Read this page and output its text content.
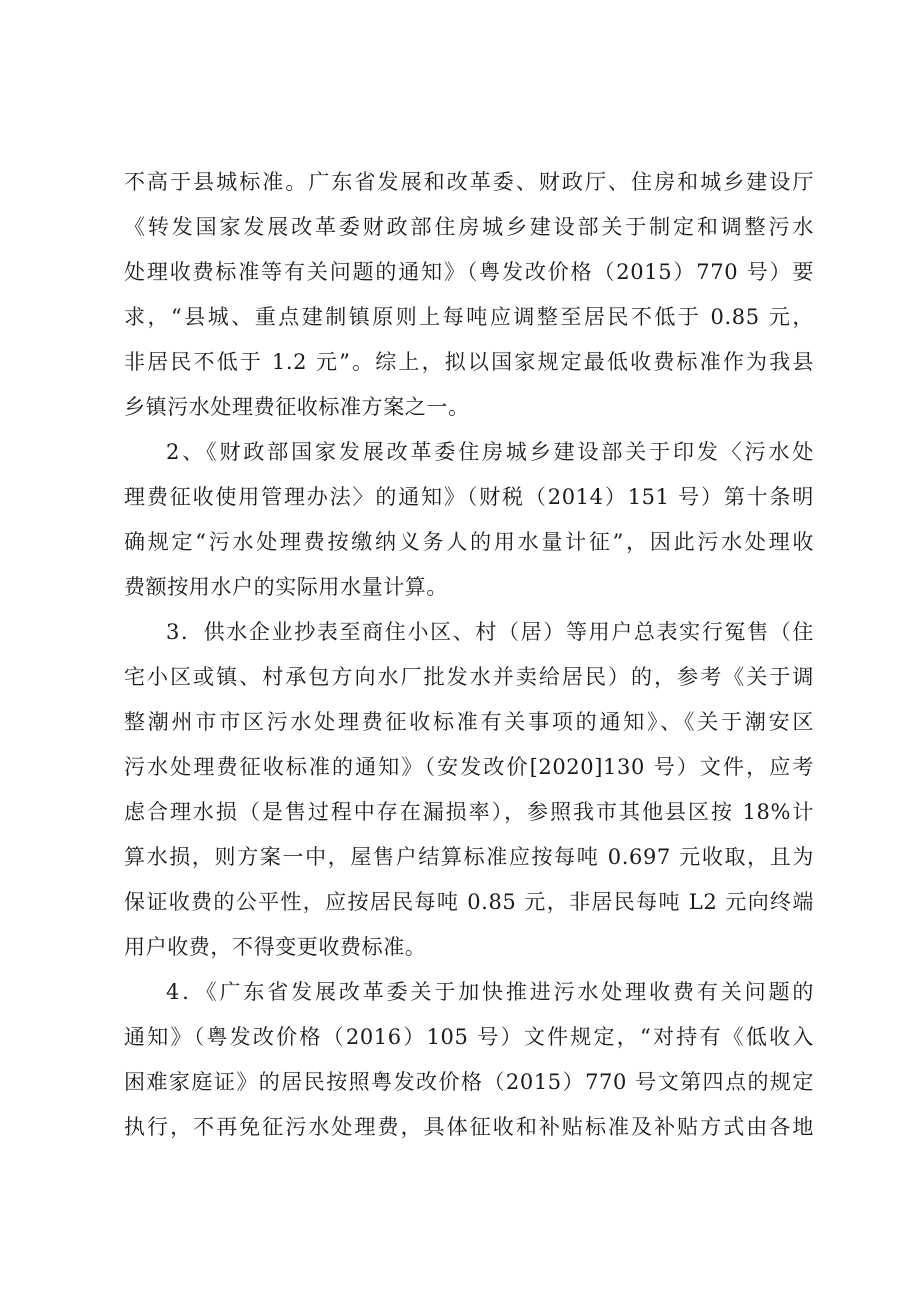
不高于县城标准。广东省发展和改革委、财政厅、住房和城乡建设厅
《转发国家发展改革委财政部住房城乡建设部关于制定和调整污水
处理收费标准等有关问题的通知》（粤发改价格（2015）770 号）要
求，“县城、重点建制镇原则上每吨应调整至居民不低于 0.85 元，
非居民不低于 1.2 元”。综上，拟以国家规定最低收费标准作为我县
乡镇污水处理费征收标准方案之一。
2、《财政部国家发展改革委住房城乡建设部关于印发〈污水处
理费征收使用管理办法〉的通知》（财税（2014）151 号）第十条明
确规定“污水处理费按缴纳义务人的用水量计征”，因此污水处理收
费额按用水户的实际用水量计算。
3．供水企业抄表至商住小区、村（居）等用户总表实行冤售（住
宅小区或镇、村承包方向水厂批发水并卖给居民）的，参考《关于调
整潮州市市区污水处理费征收标准有关事项的通知》、《关于潮安区
污水处理费征收标准的通知》（安发改价[2020]130 号）文件，应考
虑合理水损（是售过程中存在漏损率），参照我市其他县区按 18%计
算水损，则方案一中，屋售户结算标准应按每吨 0.697 元收取，且为
保证收费的公平性，应按居民每吨 0.85 元，非居民每吨 L2 元向终端
用户收费，不得变更收费标准。
4．《广东省发展改革委关于加快推进污水处理收费有关问题的
通知》（粤发改价格（2016）105 号）文件规定，“对持有《低收入
困难家庭证》的居民按照粤发改价格（2015）770 号文第四点的规定
执行，不再免征污水处理费，具体征收和补贴标准及补贴方式由各地
